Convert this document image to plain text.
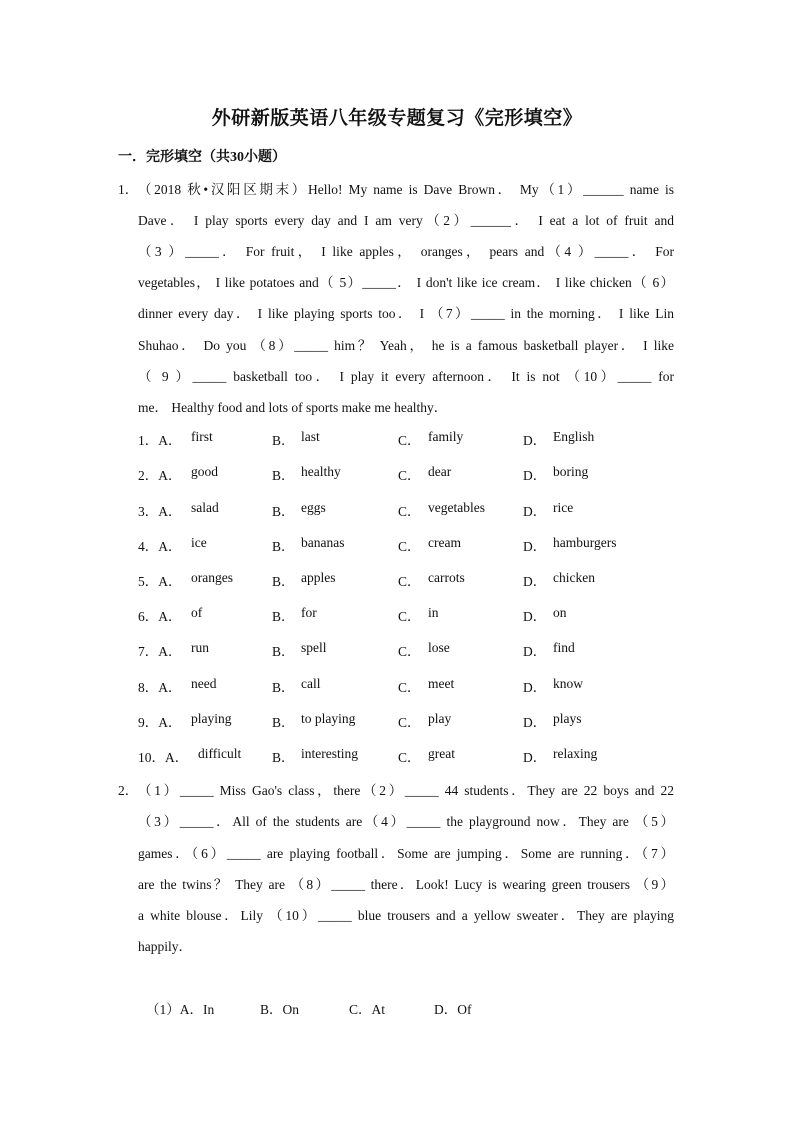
外研新版英语八年级专题复习《完形填空》
一．完形填空（共30小题）
1． （2018 秋•汉阳区期末）Hello! My name is Dave Brown． My（1）______ name is
Dave． I play sports every day and I am very（2）______． I eat a lot of fruit and
（3 ）_____． For fruit， I like apples， oranges， pears and（4 ）_____． For
vegetables， I like potatoes and（ 5）_____． I don't like ice cream． I like chicken（ 6）
dinner every day． I like playing sports too． I （7）_____ in the morning． I like Lin
Shuhao． Do you （8）_____ him？ Yeah， he is a famous basketball player． I like
（ 9 ）_____ basketball too． I play it every afternoon． It is not （10）_____ for
me． Healthy food and lots of sports make me healthy．
1．A． first	B． last	C． family	D． English
2．A． good	B． healthy	C． dear	D． boring
3．A． salad	B． eggs	C． vegetables	D． rice
4．A． ice	B． bananas	C． cream	D． hamburgers
5．A． oranges	B． apples	C． carrots	D． chicken
6．A． of	B． for	C． in	D． on
7．A． run	B． spell	C． lose	D． find
8．A． need	B． call	C． meet	D． know
9．A． playing	B． to playing	C． play	D． plays
10．A． difficult B． interesting	C． great	D． relaxing
2． （1）_____ Miss Gao's class，there（2）_____ 44 students．They are 22 boys and 22
（3）_____．All of the students are（4）_____ the playground now．They are （5）
games．（6）_____ are playing football．Some are jumping．Some are running．（7）
are the twins？ They are （8）_____ there．Look! Lucy is wearing green trousers （9）
a white blouse．Lily （10）_____ blue trousers and a yellow sweater．They are playing
happily．
（1）A．In	B．On	C．At	D．Of
